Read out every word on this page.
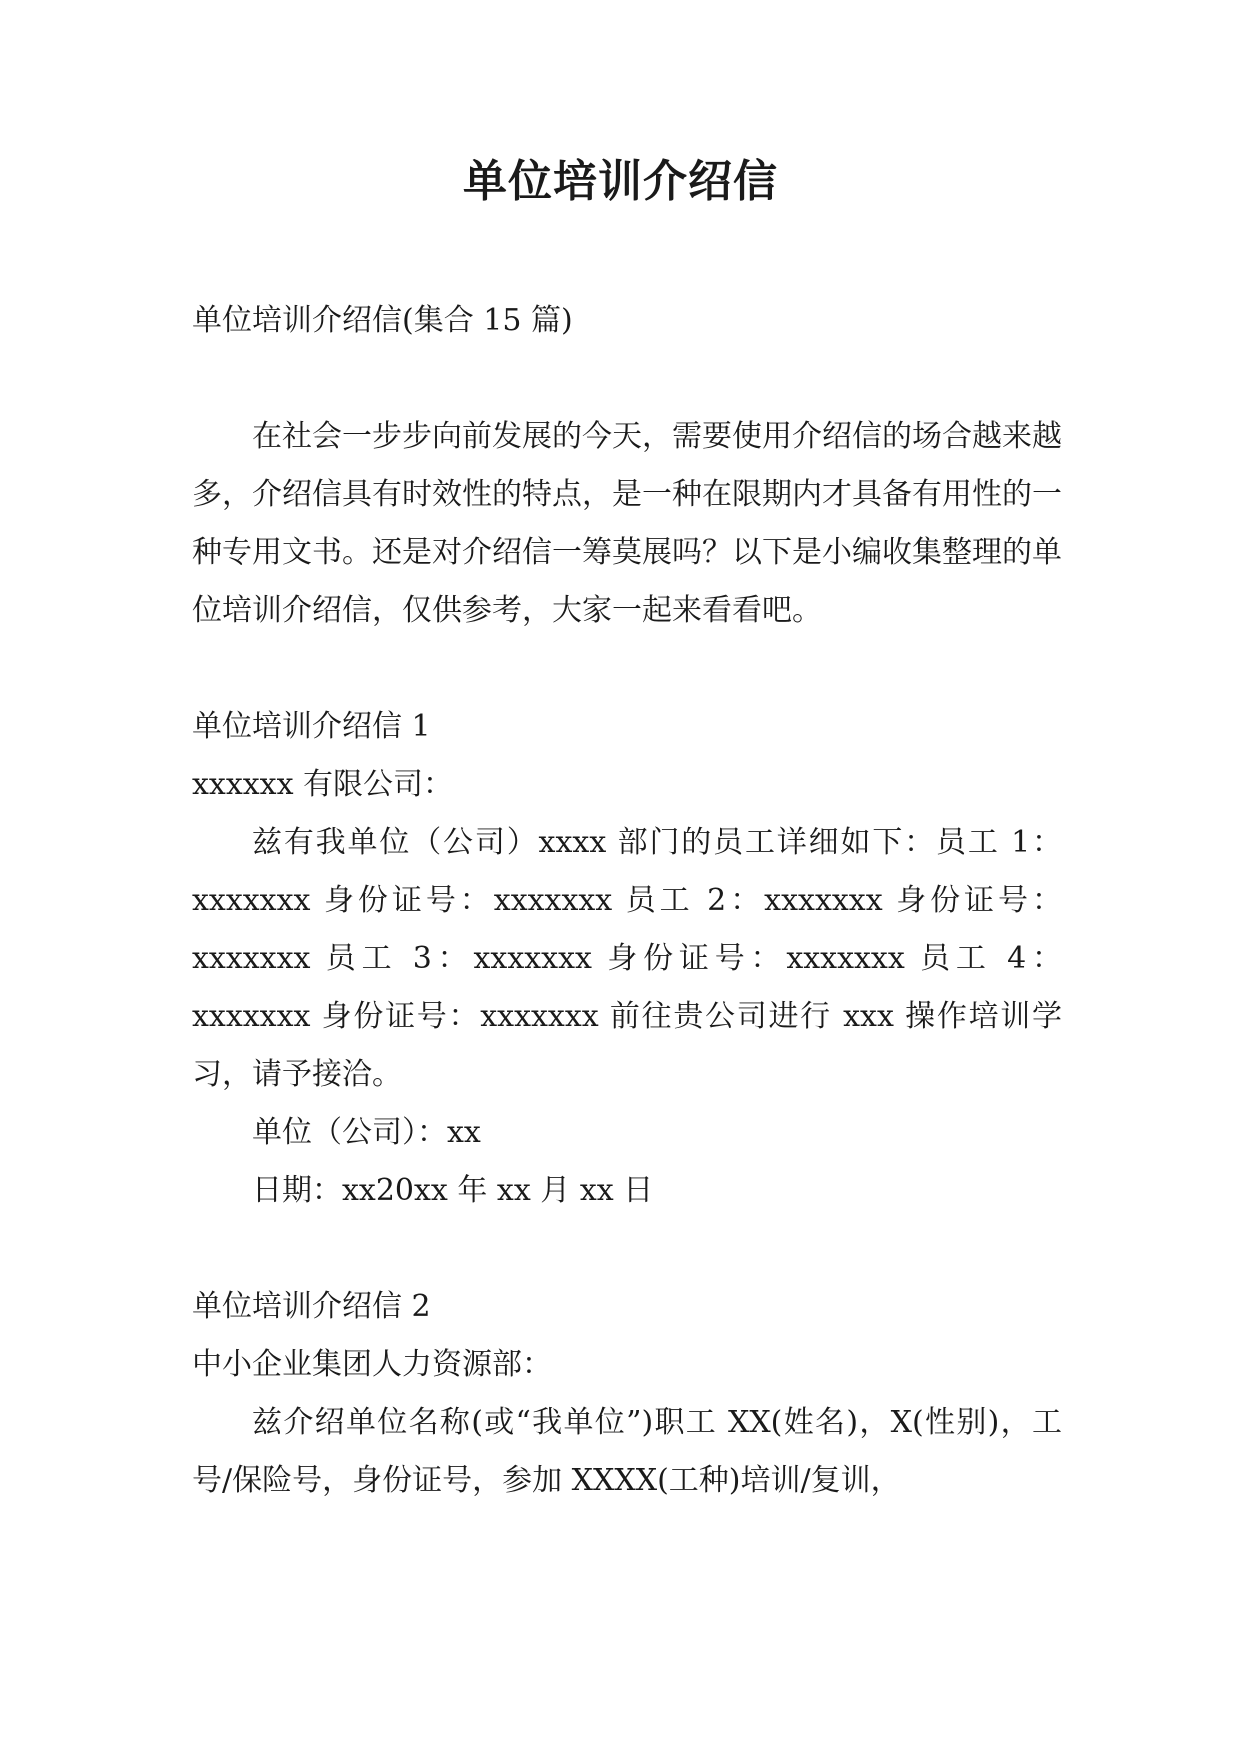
单位培训介绍信

单位培训介绍信(集合 15 篇)

在社会一步步向前发展的今天，需要使用介绍信的场合越来越多，介绍信具有时效性的特点，是一种在限期内才具备有用性的一种专用文书。还是对介绍信一筹莫展吗？以下是小编收集整理的单位培训介绍信，仅供参考，大家一起来看看吧。

单位培训介绍信 1

xxxxxx 有限公司：

兹有我单位（公司）xxxx 部门的员工详细如下：员工 1：xxxxxxx 身份证号：xxxxxxx 员工 2：xxxxxxx 身份证号：xxxxxxx 员工 3：xxxxxxx 身份证号：xxxxxxx 员工 4：xxxxxxx 身份证号：xxxxxxx 前往贵公司进行 xxx 操作培训学习，请予接洽。

单位（公司）：xx

日期：xx20xx 年 xx 月 xx 日

单位培训介绍信 2

中小企业集团人力资源部：

兹介绍单位名称(或“我单位”)职工 XX(姓名)，X(性别)，工号/保险号，身份证号，参加 XXXX(工种)培训/复训，
